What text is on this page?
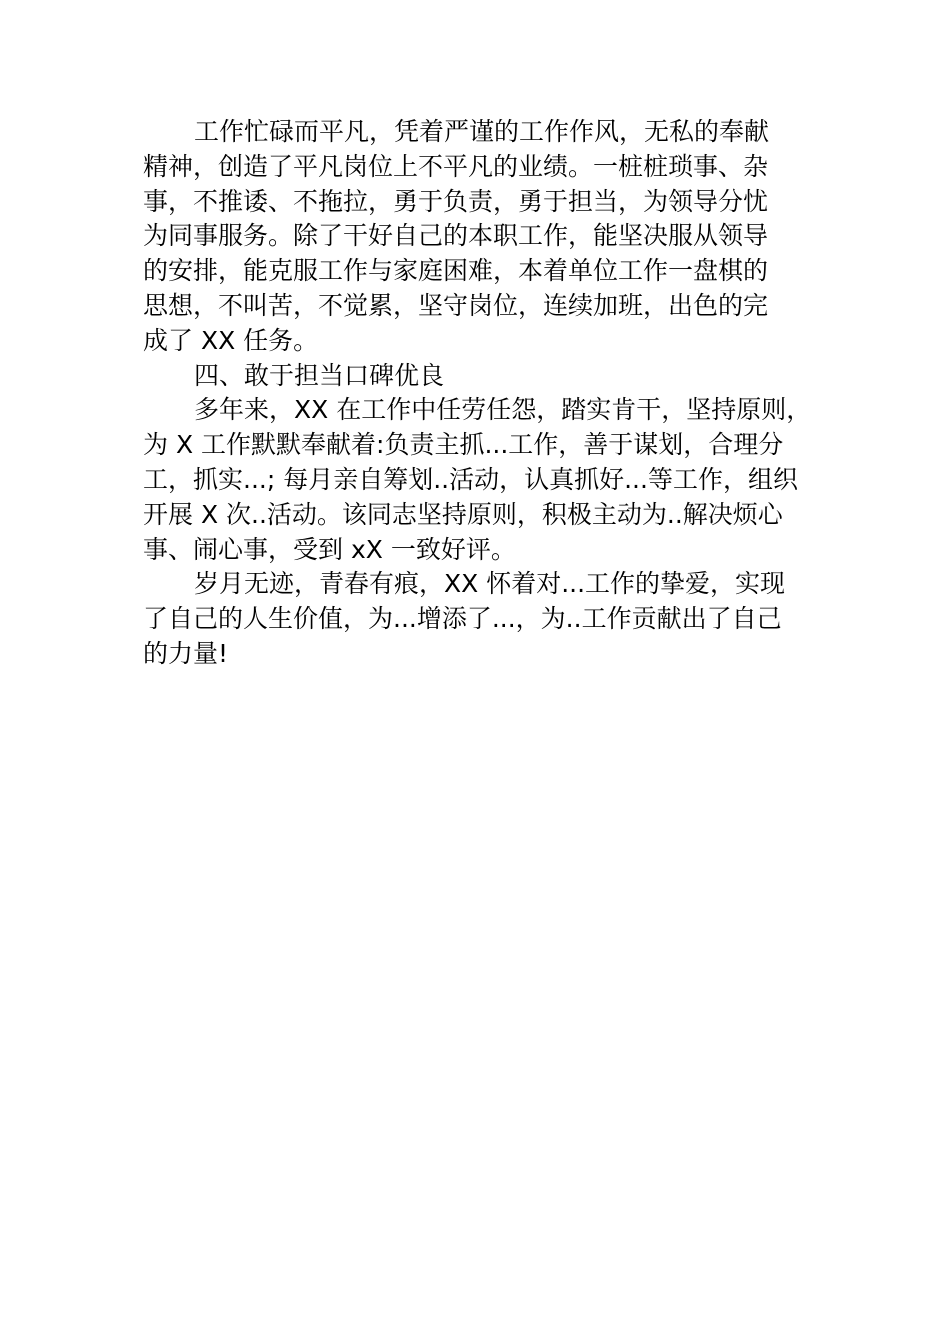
工作忙碌而平凡，凭着严谨的工作作风，无私的奉献
精神，创造了平凡岗位上不平凡的业绩。一桩桩琐事、杂
事，不推诿、不拖拉，勇于负责，勇于担当，为领导分忧
为同事服务。除了干好自己的本职工作，能坚决服从领导
的安排，能克服工作与家庭困难，本着单位工作一盘棋的
思想，不叫苦，不觉累，坚守岗位，连续加班，出色的完
成了 XX 任务。
四、敢于担当口碑优良
多年来，XX 在工作中任劳任怨，踏实肯干，坚持原则，
为 X 工作默默奉献着:负责主抓...工作，善于谋划，合理分
工，抓实...; 每月亲自筹划..活动，认真抓好...等工作，组织
开展 X 次..活动。该同志坚持原则，积极主动为..解决烦心
事、闹心事，受到 xX 一致好评。
岁月无迹，青春有痕，XX 怀着对...工作的挚爱，实现
了自己的人生价值，为...增添了...，为..工作贡献出了自己
的力量!
